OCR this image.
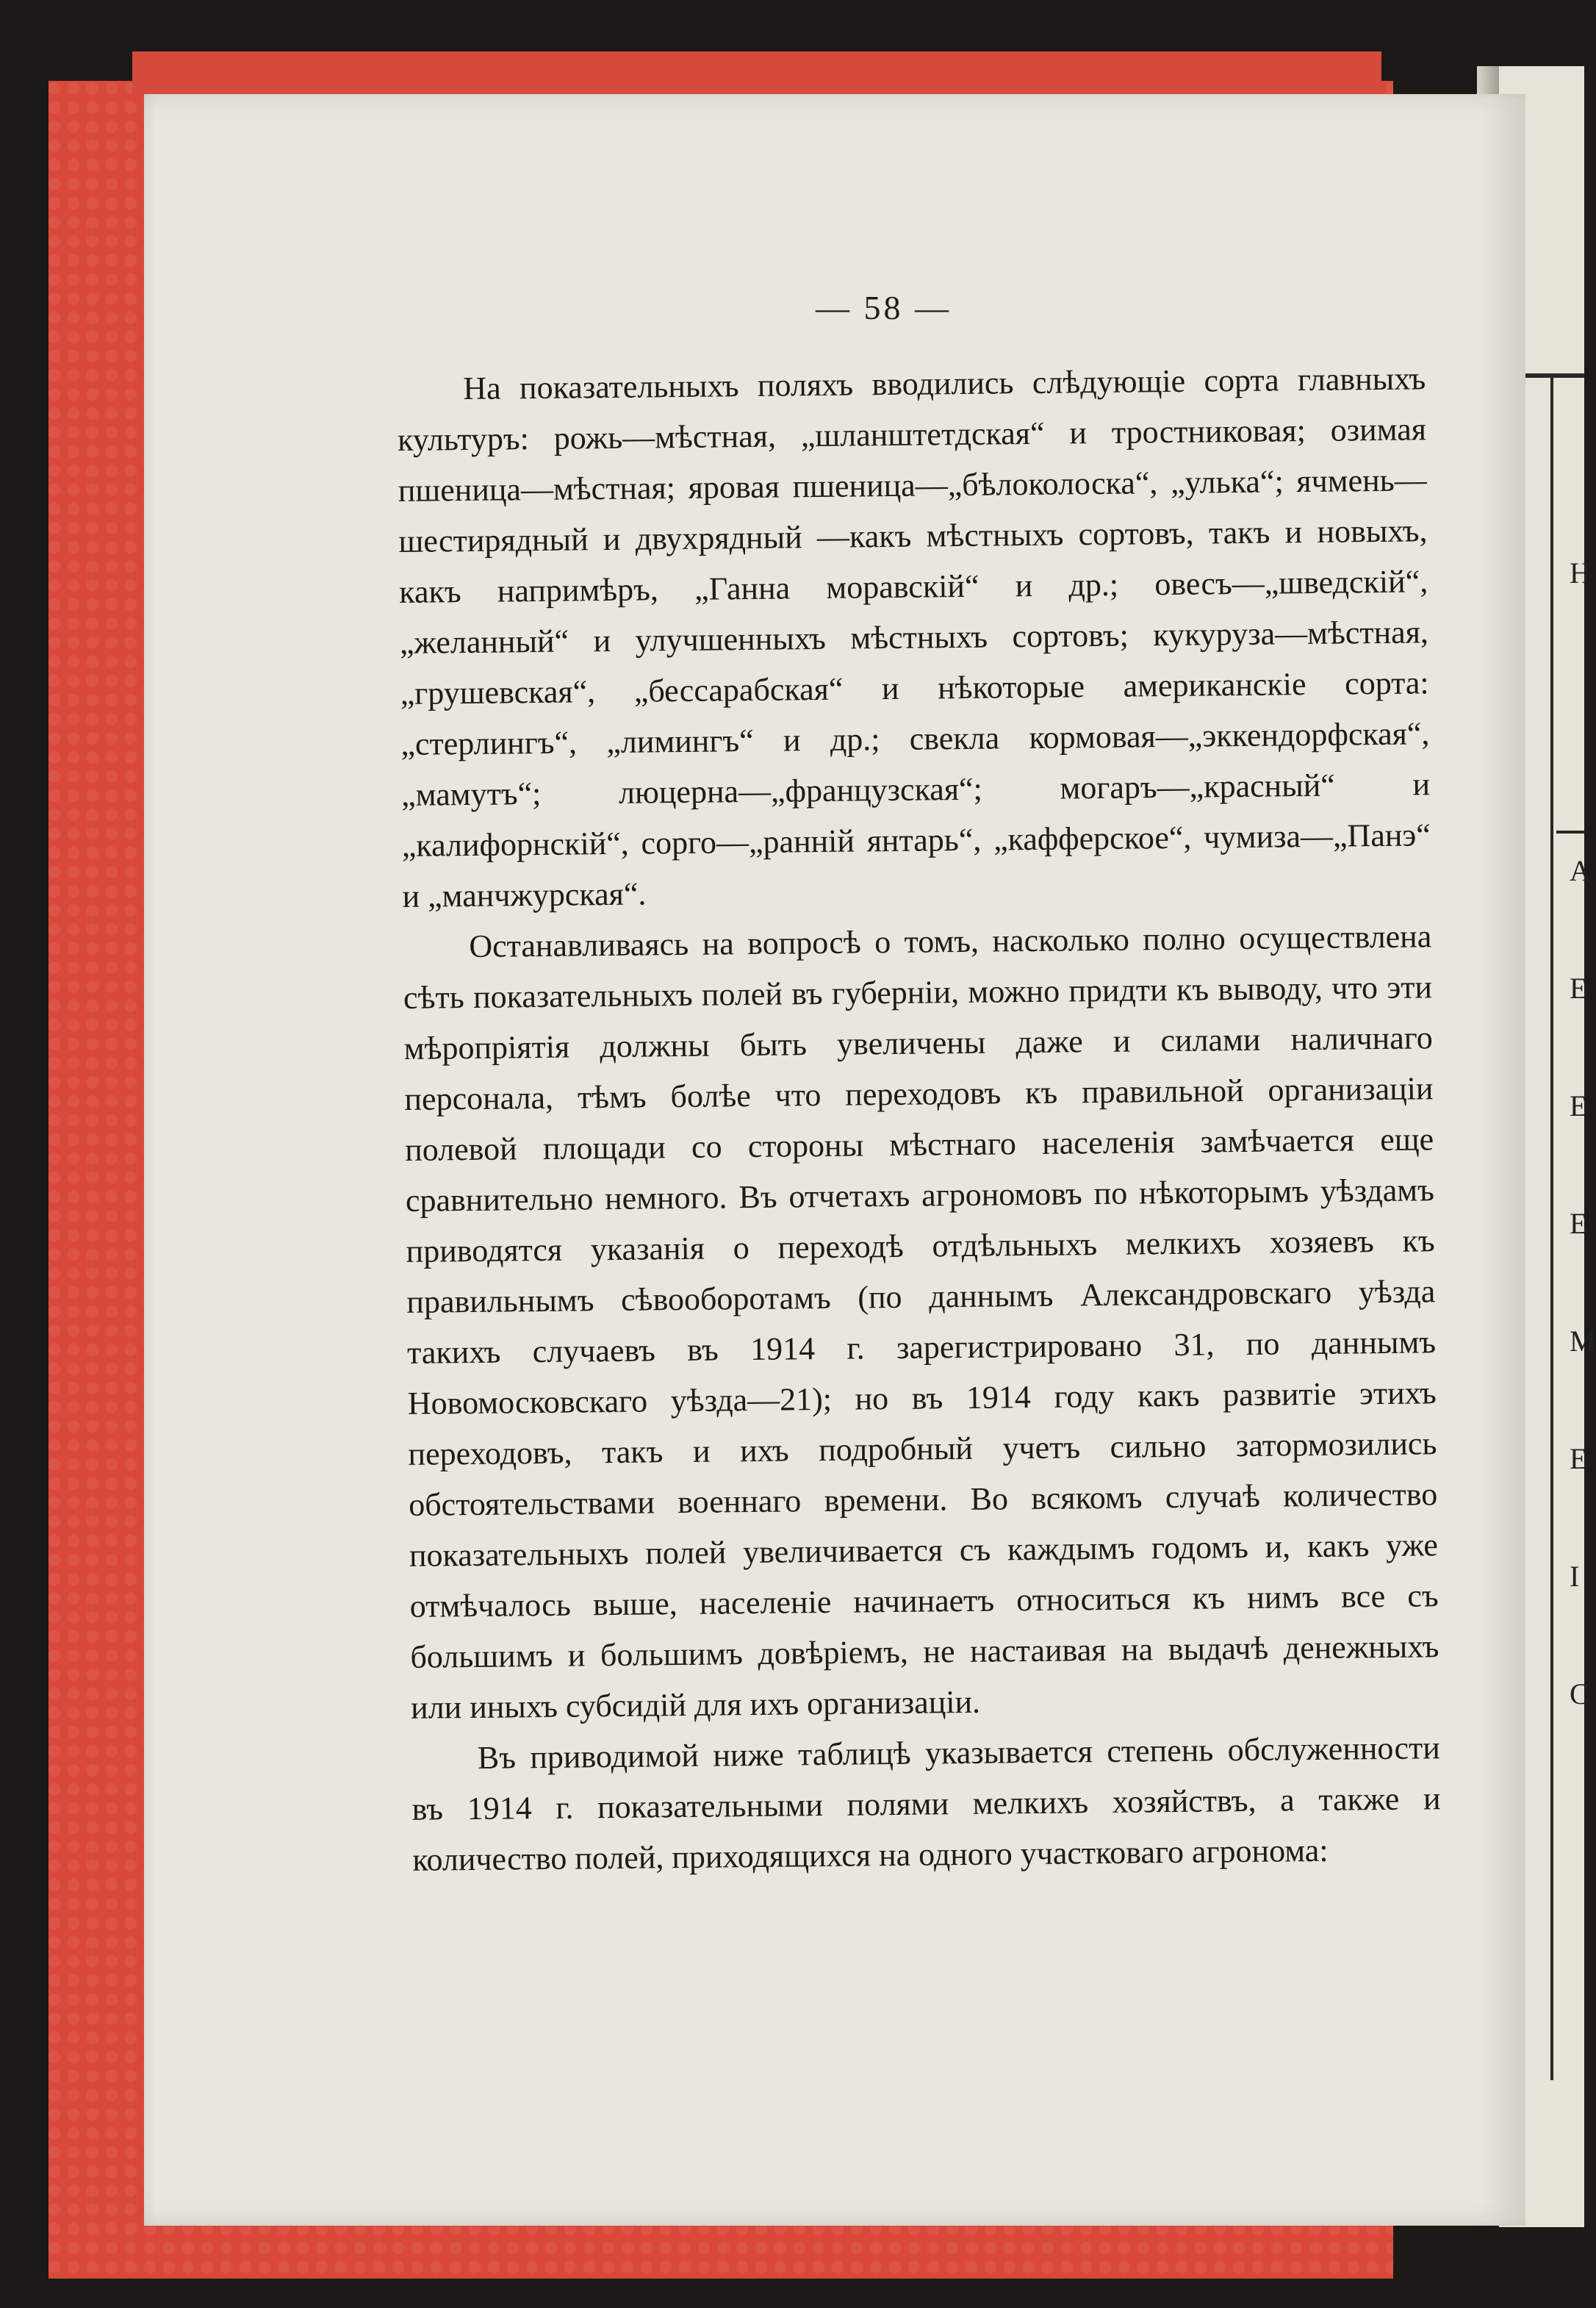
Н
А
Е
Е
Е
М
Е
І
С
— 58 —

На показательныхъ поляхъ вводились слѣдующіе сорта главныхъ культуръ: рожь—мѣстная, „шланштетдская“ и тростниковая; озимая пшеница—мѣстная; яровая пшеница—„бѣлоколоска“, „улька“; ячмень—шестирядный и двухрядный —какъ мѣстныхъ сортовъ, такъ и новыхъ, какъ напримѣръ, „Ганна моравскій“ и др.; овесъ—„шведскій“, „желанный“ и улучшенныхъ мѣстныхъ сортовъ; кукуруза—мѣстная, „грушевская“, „бессарабская“ и нѣкоторые американскіе сорта: „стерлингъ“, „лимингъ“ и др.; свекла кормовая—„эккендорфская“, „мамутъ“; люцерна—„французская“; могаръ—„красный“ и „калифорнскій“, сорго—„ранній янтарь“, „кафферское“, чумиза—„Панэ“ и „манчжурская“.

Останавливаясь на вопросѣ о томъ, насколько полно осуществлена сѣть показательныхъ полей въ губерніи, можно придти къ выводу, что эти мѣропріятія должны быть увеличены даже и силами наличнаго персонала, тѣмъ болѣе что переходовъ къ правильной организаціи полевой площади со стороны мѣстнаго населенія замѣчается еще сравнительно немного. Въ отчетахъ агрономовъ по нѣкоторымъ уѣздамъ приводятся указанія о переходѣ отдѣльныхъ мелкихъ хозяевъ къ правильнымъ сѣвооборотамъ (по даннымъ Александровскаго уѣзда такихъ случаевъ въ 1914 г. зарегистрировано 31, по даннымъ Новомосковскаго уѣзда—21); но въ 1914 году какъ развитіе этихъ переходовъ, такъ и ихъ подробный учетъ сильно затормозились обстоятельствами военнаго времени. Во всякомъ случаѣ количество показательныхъ полей увеличивается съ каждымъ годомъ и, какъ уже отмѣчалось выше, населеніе начинаетъ относиться къ нимъ все съ большимъ и большимъ довѣріемъ, не настаивая на выдачѣ денежныхъ или иныхъ субсидій для ихъ организаціи.

Въ приводимой ниже таблицѣ указывается степень обслуженности въ 1914 г. показательными полями мелкихъ хозяйствъ, а также и количество полей, приходящихся на одного участковаго агронома:
